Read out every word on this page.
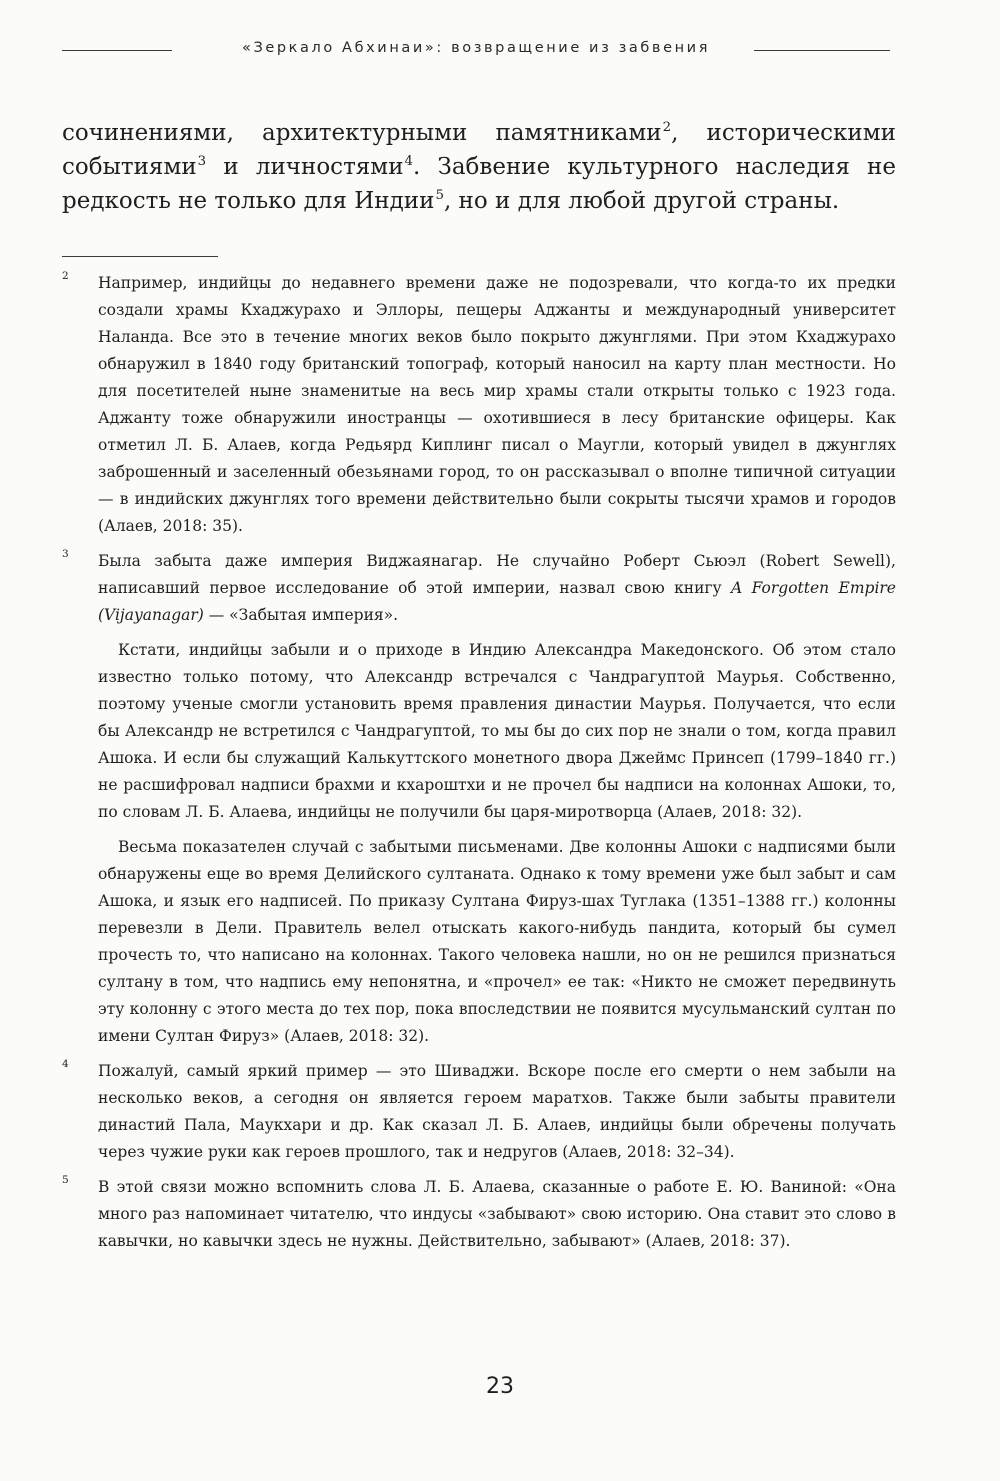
«Зеркало Абхинаи»: возвращение из забвения

сочинениями, архитектурными памятниками$^2$, историческими событиями$^3$ и личностями$^4$. Забвение культурного наследия не редкость не только для Индии$^5$, но и для любой другой страны.

2 Например, индийцы до недавнего времени даже не подозревали, что когда-то их предки создали храмы Кхаджурахо и Эллоры, пещеры Аджанты и международный университет Наланда. Все это в течение многих веков было покрыто джунглями. При этом Кхаджурахо обнаружил в 1840 году британский топограф, который наносил на карту план местности. Но для посетителей ныне знаменитые на весь мир храмы стали открыты только с 1923 года. Аджанту тоже обнаружили иностранцы — охотившиеся в лесу британские офицеры. Как отметил Л. Б. Алаев, когда Редьярд Киплинг писал о Маугли, который увидел в джунглях заброшенный и заселенный обезьянами город, то он рассказывал о вполне типичной ситуации — в индийских джунглях того времени действительно были сокрыты тысячи храмов и городов (Алаев, 2018: 35).

3 Была забыта даже империя Виджаянагар. Не случайно Роберт Сьюэл (Robert Sewell), написавший первое исследование об этой империи, назвал свою книгу A Forgotten Empire (Vijayanagar) — «Забытая империя».

Кстати, индийцы забыли и о приходе в Индию Александра Македонского. Об этом стало известно только потому, что Александр встречался с Чандрагуптой Маурья. Собственно, поэтому ученые смогли установить время правления династии Маурья. Получается, что если бы Александр не встретился с Чандрагуптой, то мы бы до сих пор не знали о том, когда правил Ашока. И если бы служащий Калькуттского монетного двора Джеймс Принсеп (1799–1840 гг.) не расшифровал надписи брахми и кхароштхи и не прочел бы надписи на колоннах Ашоки, то, по словам Л. Б. Алаева, индийцы не получили бы царя-миротворца (Алаев, 2018: 32).

Весьма показателен случай с забытыми письменами. Две колонны Ашоки с надписями были обнаружены еще во время Делийского султаната. Однако к тому времени уже был забыт и сам Ашока, и язык его надписей. По приказу Султана Фируз-шах Туглака (1351–1388 гг.) колонны перевезли в Дели. Правитель велел отыскать какого-нибудь пандита, который бы сумел прочесть то, что написано на колоннах. Такого человека нашли, но он не решился признаться султану в том, что надпись ему непонятна, и «прочел» ее так: «Никто не сможет передвинуть эту колонну с этого места до тех пор, пока впоследствии не появится мусульманский султан по имени Султан Фируз» (Алаев, 2018: 32).

4 Пожалуй, самый яркий пример — это Шиваджи. Вскоре после его смерти о нем забыли на несколько веков, а сегодня он является героем маратхов. Также были забыты правители династий Пала, Маукхари и др. Как сказал Л. Б. Алаев, индийцы были обречены получать через чужие руки как героев прошлого, так и недругов (Алаев, 2018: 32–34).

5 В этой связи можно вспомнить слова Л. Б. Алаева, сказанные о работе Е. Ю. Ваниной: «Она много раз напоминает читателю, что индусы «забывают» свою историю. Она ставит это слово в кавычки, но кавычки здесь не нужны. Действительно, забывают» (Алаев, 2018: 37).

23
